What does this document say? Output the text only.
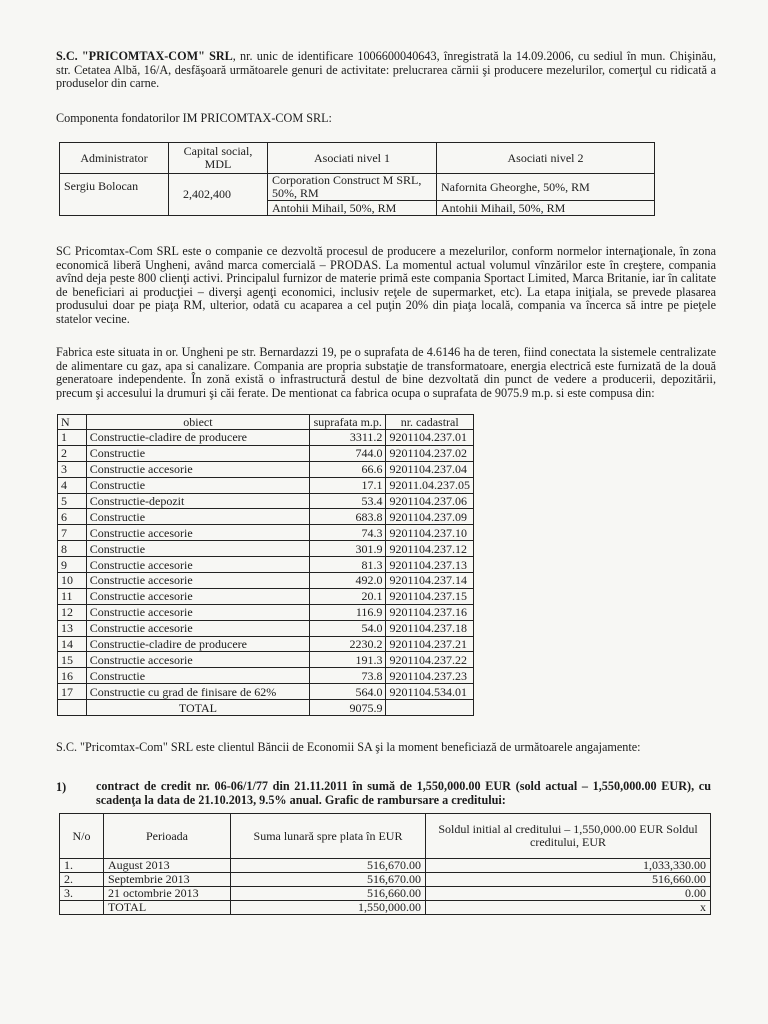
S.C. "PRICOMTAX-COM" SRL, nr. unic de identificare 1006600040643, înregistrată la 14.09.2006, cu sediul în mun. Chişinău, str. Cetatea Albă, 16/A, desfăşoară următoarele genuri de activitate: prelucrarea cărnii şi producere mezelurilor, comerţul cu ridicată a produselor din carne.
Componenta fondatorilor IM PRICOMTAX-COM SRL:
Administrator	Capital social, MDL	Asociati nivel 1	Asociati nivel 2
Sergiu Bolocan	2,402,400	Corporation Construct M SRL, 50%, RM	Nafornita Gheorghe, 50%, RM
		Antohii Mihail, 50%, RM	Antohii Mihail, 50%, RM
SC Pricomtax-Com SRL este o companie ce dezvoltă procesul de producere a mezelurilor, conform normelor internaţionale, în zona economică liberă Ungheni, având marca comercială – PRODAS. La momentul actual volumul vînzărilor este în creştere, compania avînd deja peste 800 clienţi activi. Principalul furnizor de materie primă este compania Sportact Limited, Marca Britanie, iar în calitate de beneficiari ai producţiei – diverşi agenţi economici, inclusiv reţele de supermarket, etc). La etapa iniţiala, se prevede plasarea produsului doar pe piaţa RM, ulterior, odată cu acaparea a cel puţin 20% din piaţa locală, compania va încerca să intre pe pieţele statelor vecine.
Fabrica este situata in or. Ungheni pe str. Bernardazzi 19, pe o suprafata de 4.6146 ha de teren, fiind conectata la sistemele centralizate de alimentare cu gaz, apa si canalizare. Compania are propria substaţie de transformatoare, energia electrică este furnizată de la două generatoare independente. În zonă există o infrastructură destul de bine dezvoltată din punct de vedere a producerii, depozitării, precum şi accesului la drumuri şi căi ferate. De mentionat ca fabrica ocupa o suprafata de 9075.9 m.p. si este compusa din:
N	obiect	suprafata m.p.	nr. cadastral
1	Constructie-cladire de producere	3311.2	9201104.237.01
2	Constructie	744.0	9201104.237.02
3	Constructie accesorie	66.6	9201104.237.04
4	Constructie	17.1	92011.04.237.05
5	Constructie-depozit	53.4	9201104.237.06
6	Constructie	683.8	9201104.237.09
7	Constructie accesorie	74.3	9201104.237.10
8	Constructie	301.9	9201104.237.12
9	Constructie accesorie	81.3	9201104.237.13
10	Constructie accesorie	492.0	9201104.237.14
11	Constructie accesorie	20.1	9201104.237.15
12	Constructie accesorie	116.9	9201104.237.16
13	Constructie accesorie	54.0	9201104.237.18
14	Constructie-cladire de producere	2230.2	9201104.237.21
15	Constructie accesorie	191.3	9201104.237.22
16	Constructie	73.8	9201104.237.23
17	Constructie cu grad de finisare de 62%	564.0	9201104.534.01
	TOTAL	9075.9	
S.C. "Pricomtax-Com" SRL este clientul Băncii de Economii SA şi la moment beneficiază de următoarele angajamente:
1) contract de credit nr. 06-06/1/77 din 21.11.2011 în sumă de 1,550,000.00 EUR (sold actual – 1,550,000.00 EUR), cu scadenţa la data de 21.10.2013, 9.5% anual. Grafic de rambursare a creditului:
N/o	Perioada	Suma lunară spre plata în EUR	Soldul initial al creditului – 1,550,000.00 EUR Soldul creditului, EUR
1.	August 2013	516,670.00	1,033,330.00
2.	Septembrie 2013	516,670.00	516,660.00
3.	21 octombrie 2013	516,660.00	0.00
	TOTAL	1,550,000.00	x
